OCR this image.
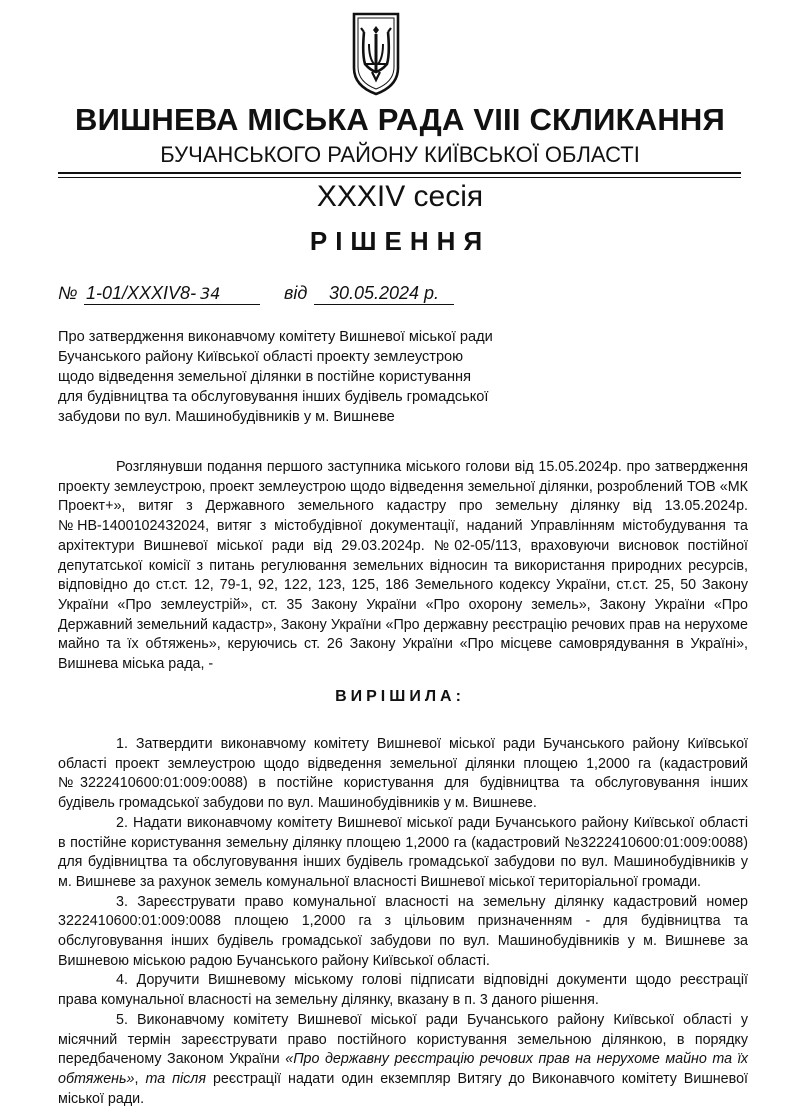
ВИШНЕВА МІСЬКА РАДА VIII СКЛИКАННЯ
БУЧАНСЬКОГО РАЙОНУ КИЇВСЬКОЇ ОБЛАСТІ
XXXIV сесія
РІШЕННЯ
№ 1-01/XXXIV8- 34	від	30.05.2024 р.
Про затвердження виконавчому комітету Вишневої міської ради
Бучанського району Київської області проекту землеустрою
щодо відведення земельної ділянки в постійне користування
для будівництва та обслуговування інших будівель громадської
забудови по вул. Машинобудівників у м. Вишневе
Розглянувши подання першого заступника міського голови від 15.05.2024р. про затвердження проекту землеустрою, проект землеустрою щодо відведення земельної ділянки, розроблений ТОВ «МК Проект+», витяг з Державного земельного кадастру про земельну ділянку від 13.05.2024р. №НВ-1400102432024, витяг з містобудівної документації, наданий Управлінням містобудування та архітектури Вишневої міської ради від 29.03.2024р. №02-05/113, враховуючи висновок постійної депутатської комісії з питань регулювання земельних відносин та використання природних ресурсів, відповідно до ст.ст. 12, 79-1, 92, 122, 123, 125, 186 Земельного кодексу України, ст.ст. 25, 50 Закону України «Про землеустрій», ст. 35 Закону України «Про охорону земель», Закону України «Про Державний земельний кадастр», Закону України «Про державну реєстрацію речових прав на нерухоме майно та їх обтяжень», керуючись ст. 26 Закону України «Про місцеве самоврядування в Україні», Вишнева міська рада, -
ВИРІШИЛА:

1. Затвердити виконавчому комітету Вишневої міської ради Бучанського району Київської області проект землеустрою щодо відведення земельної ділянки площею 1,2000 га (кадастровий №3222410600:01:009:0088) в постійне користування для будівництва та обслуговування інших будівель громадської забудови по вул. Машинобудівників у м. Вишневе.

2. Надати виконавчому комітету Вишневої міської ради Бучанського району Київської області в постійне користування земельну ділянку площею 1,2000 га (кадастровий №3222410600:01:009:0088) для будівництва та обслуговування інших будівель громадської забудови по вул. Машинобудівників у м. Вишневе за рахунок земель комунальної власності Вишневої міської територіальної громади.

3. Зареєструвати право комунальної власності на земельну ділянку кадастровий номер 3222410600:01:009:0088 площею 1,2000 га з цільовим призначенням - для будівництва та обслуговування інших будівель громадської забудови по вул. Машинобудівників у м. Вишневе за Вишневою міською радою Бучанського району Київської області.

4. Доручити Вишневому міському голові підписати відповідні документи щодо реєстрації права комунальної власності на земельну ділянку, вказану в п. 3 даного рішення.

5. Виконавчому комітету Вишневої міської ради Бучанського району Київської області у місячний термін зареєструвати право постійного користування земельною ділянкою, в порядку передбаченому Законом України «Про державну реєстрацію речових прав на нерухоме майно та їх обтяжень», та після реєстрації надати один екземпляр Витягу до Виконавчого комітету Вишневої міської ради.
